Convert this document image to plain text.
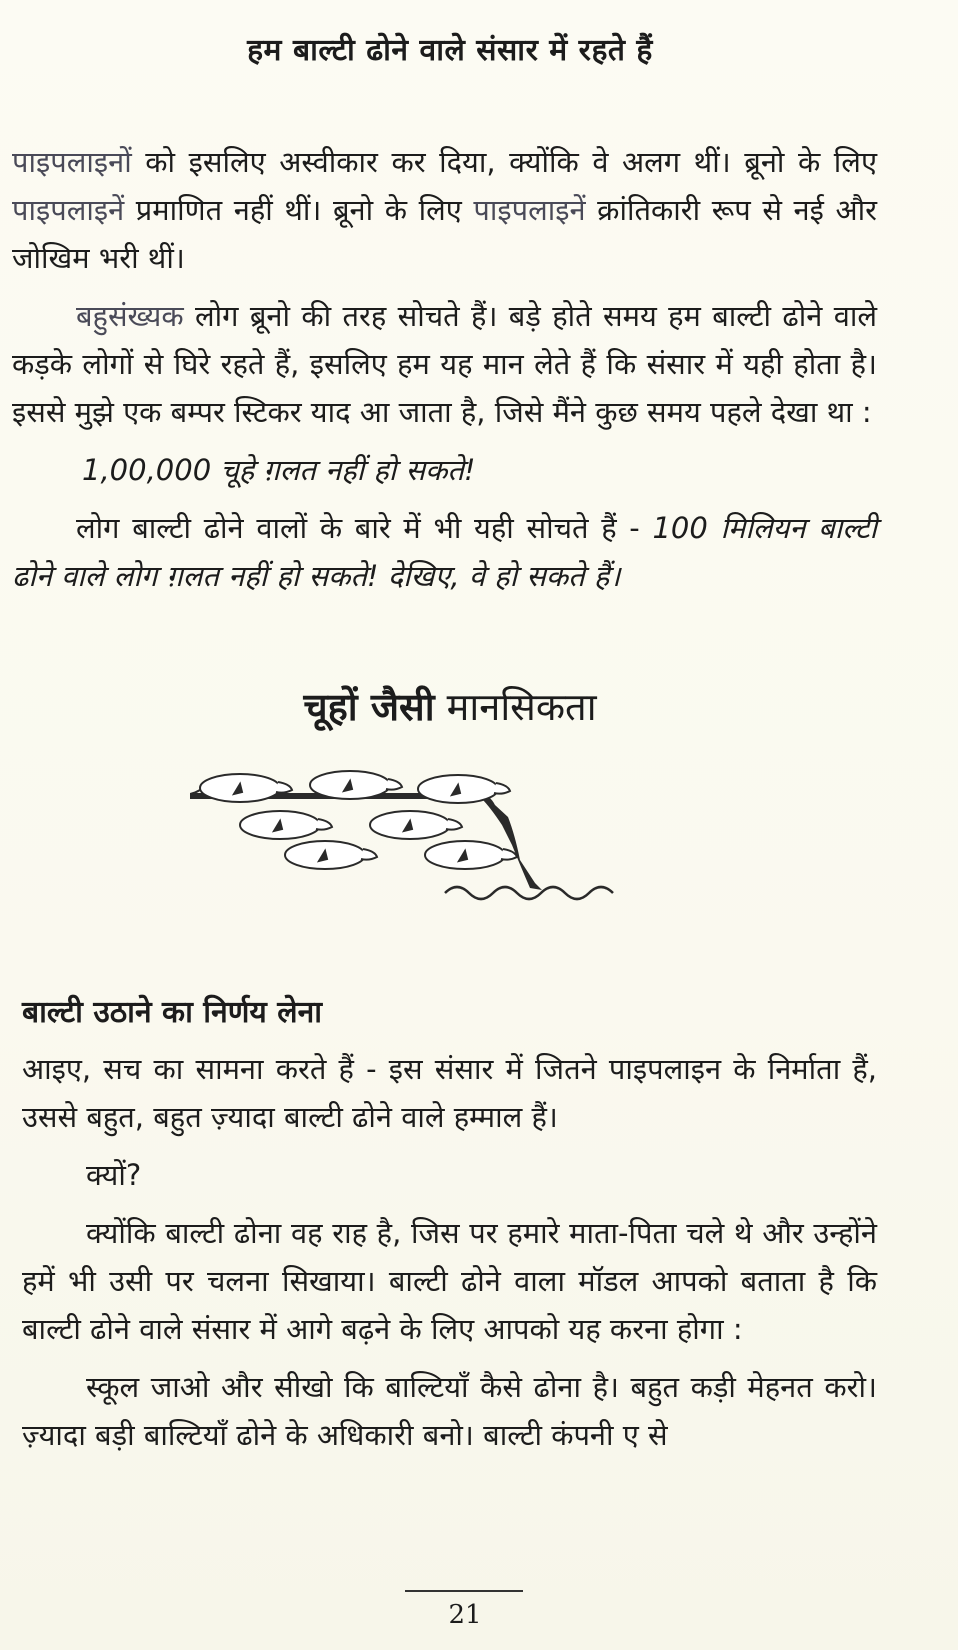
हम बाल्टी ढोने वाले संसार में रहते हैं

पाइपलाइनों को इसलिए अस्वीकार कर दिया, क्योंकि वे अलग थीं। ब्रूनो के लिए पाइपलाइनें प्रमाणित नहीं थीं। ब्रूनो के लिए पाइपलाइनें क्रांतिकारी रूप से नई और जोखिम भरी थीं।

बहुसंख्यक लोग ब्रूनो की तरह सोचते हैं। बड़े होते समय हम बाल्टी ढोने वाले कड़के लोगों से घिरे रहते हैं, इसलिए हम यह मान लेते हैं कि संसार में यही होता है। इससे मुझे एक बम्पर स्टिकर याद आ जाता है, जिसे मैंने कुछ समय पहले देखा था :

1,00,000 चूहे ग़लत नहीं हो सकते!

लोग बाल्टी ढोने वालों के बारे में भी यही सोचते हैं - 100 मिलियन बाल्टी ढोने वाले लोग ग़लत नहीं हो सकते! देखिए, वे हो सकते हैं।

चूहों जैसी मानसिकता
बाल्टी उठाने का निर्णय लेना

आइए, सच का सामना करते हैं - इस संसार में जितने पाइपलाइन के निर्माता हैं, उससे बहुत, बहुत ज़्यादा बाल्टी ढोने वाले हम्माल हैं।

क्यों?

क्योंकि बाल्टी ढोना वह राह है, जिस पर हमारे माता-पिता चले थे और उन्होंने हमें भी उसी पर चलना सिखाया। बाल्टी ढोने वाला मॉडल आपको बताता है कि बाल्टी ढोने वाले संसार में आगे बढ़ने के लिए आपको यह करना होगा :

स्कूल जाओ और सीखो कि बाल्टियाँ कैसे ढोना है। बहुत कड़ी मेहनत करो। ज़्यादा बड़ी बाल्टियाँ ढोने के अधिकारी बनो। बाल्टी कंपनी ए से

21
